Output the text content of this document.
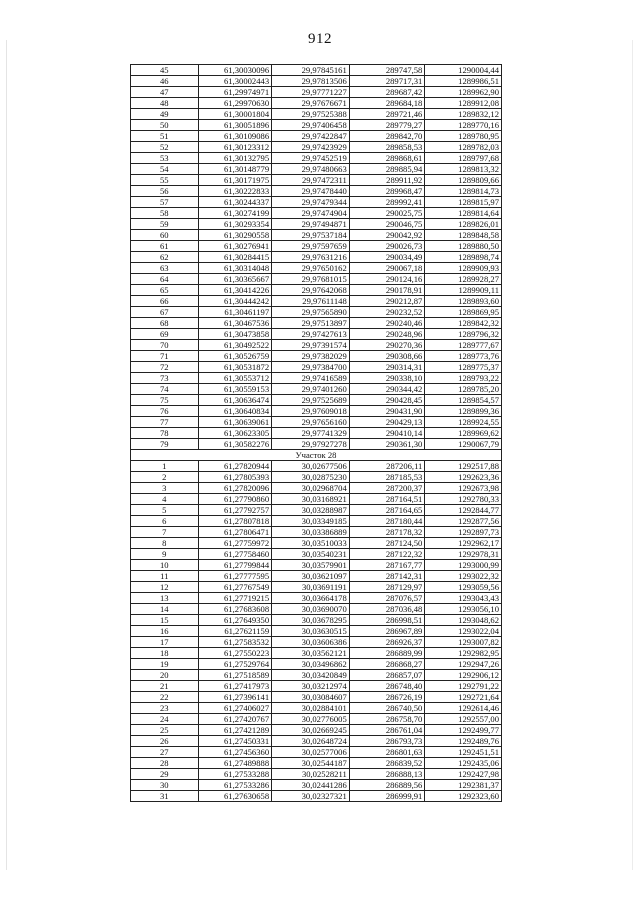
912
45	61,30030096	29,97845161	289747,58	1290004,44
46	61,30002443	29,97813506	289717,31	1289986,51
47	61,29974971	29,97771227	289687,42	1289962,90
48	61,29970630	29,97676671	289684,18	1289912,08
49	61,30001804	29,97525388	289721,46	1289832,12
50	61,30051896	29,97406458	289779,27	1289770,16
51	61,30109086	29,97422847	289842,70	1289780,95
52	61,30123312	29,97423929	289858,53	1289782,03
53	61,30132795	29,97452519	289868,61	1289797,68
54	61,30148779	29,97480663	289885,94	1289813,32
55	61,30171975	29,97472311	289911,92	1289809,66
56	61,30222833	29,97478440	289968,47	1289814,73
57	61,30244337	29,97479344	289992,41	1289815,97
58	61,30274199	29,97474904	290025,75	1289814,64
59	61,30293354	29,97494871	290046,75	1289826,01
60	61,30290558	29,97537184	290042,92	1289848,58
61	61,30276941	29,97597659	290026,73	1289880,50
62	61,30284415	29,97631216	290034,49	1289898,74
63	61,30314048	29,97650162	290067,18	1289909,93
64	61,30365667	29,97681015	290124,16	1289928,27
65	61,30414226	29,97642068	290178,91	1289909,11
66	61,30444242	29,97611148	290212,87	1289893,60
67	61,30461197	29,97565890	290232,52	1289869,95
68	61,30467536	29,97513897	290240,46	1289842,32
69	61,30473858	29,97427613	290248,96	1289796,32
70	61,30492522	29,97391574	290270,36	1289777,67
71	61,30526759	29,97382029	290308,66	1289773,76
72	61,30531872	29,97384700	290314,31	1289775,37
73	61,30553712	29,97416589	290338,10	1289793,22
74	61,30559153	29,97401260	290344,42	1289785,20
75	61,30636474	29,97525689	290428,45	1289854,57
76	61,30640834	29,97609018	290431,90	1289899,36
77	61,30639061	29,97656160	290429,13	1289924,55
78	61,30623305	29,97741329	290410,14	1289969,62
79	61,30582276	29,97927278	290361,30	1290067,79
Участок 28				
1	61,27820944	30,02677506	287206,11	1292517,88
2	61,27805393	30,02875230	287185,53	1292623,36
3	61,27820096	30,02968704	287200,37	1292673,98
4	61,27790860	30,03168921	287164,51	1292780,33
5	61,27792757	30,03288987	287164,65	1292844,77
6	61,27807818	30,03349185	287180,44	1292877,56
7	61,27806471	30,03386889	287178,32	1292897,73
8	61,27759972	30,03510033	287124,50	1292962,17
9	61,27758460	30,03540231	287122,32	1292978,31
10	61,27799844	30,03579901	287167,77	1293000,99
11	61,27777595	30,03621097	287142,31	1293022,32
12	61,27767549	30,03691191	287129,97	1293059,56
13	61,27719215	30,03664178	287076,57	1293043,43
14	61,27683608	30,03690070	287036,48	1293056,10
15	61,27649350	30,03678295	286998,51	1293048,62
16	61,27621159	30,03630515	286967,89	1293022,04
17	61,27583532	30,03606386	286926,37	1293007,82
18	61,27550223	30,03562121	286889,99	1292982,95
19	61,27529764	30,03496862	286868,27	1292947,26
20	61,27518589	30,03420849	286857,07	1292906,12
21	61,27417973	30,03212974	286748,40	1292791,22
22	61,27396141	30,03084607	286726,19	1292721,64
23	61,27406027	30,02884101	286740,50	1292614,46
24	61,27420767	30,02776005	286758,70	1292557,00
25	61,27421289	30,02669245	286761,04	1292499,77
26	61,27450331	30,02648724	286793,73	1292489,76
27	61,27456360	30,02577006	286801,63	1292451,51
28	61,27489888	30,02544187	286839,52	1292435,06
29	61,27533288	30,02528211	286888,13	1292427,98
30	61,27533286	30,02441286	286889,56	1292381,37
31	61,27630658	30,02327321	286999,91	1292323,60
